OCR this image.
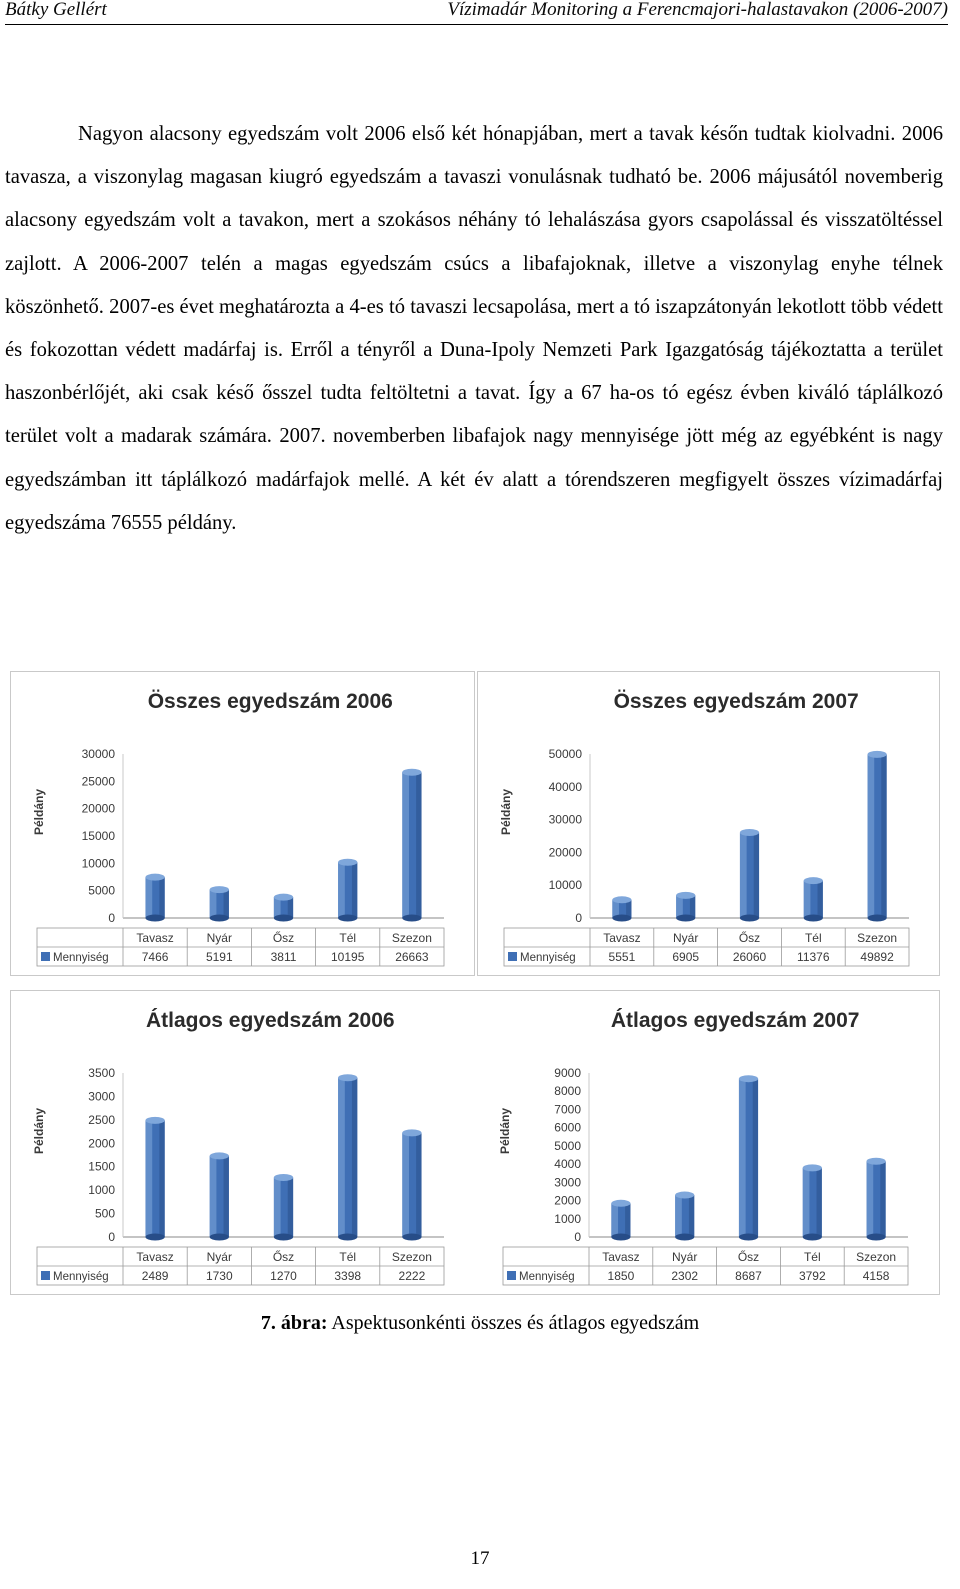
Bátky Gellért	Vízimadár Monitoring a Ferencmajori-halastavakon (2006-2007)
Nagyon alacsony egyedszám volt 2006 első két hónapjában, mert a tavak későn tudtak kiolvadni. 2006 tavasza, a viszonylag magasan kiugró egyedszám a tavaszi vonulásnak tudható be. 2006 májusától novemberig alacsony egyedszám volt a tavakon, mert a szokásos néhány tó lehalászása gyors csapolással és visszatöltéssel zajlott. A 2006-2007 telén a magas egyedszám csúcs a libafajoknak, illetve a viszonylag enyhe télnek köszönhető. 2007-es évet meghatározta a 4-es tó tavaszi lecsapolása, mert a tó iszapzátonyán lekotlott több védett és fokozottan védett madárfaj is. Erről a tényről a Duna-Ipoly Nemzeti Park Igazgatóság tájékoztatta a terület haszonbérlőjét, aki csak késő ősszel tudta feltöltetni a tavat. Így a 67 ha-os tó egész évben kiváló táplálkozó terület volt a madarak számára. 2007. novemberben libafajok nagy mennyisége jött még az egyébként is nagy egyedszámban itt táplálkozó madárfajok mellé. A két év alatt a tórendszeren megfigyelt összes vízimadárfaj egyedszáma 76555 példány.
Összes egyedszám 2006
Példány
0
5000
10000
15000
20000
25000
30000
Tavasz
7466
Nyár
5191
Ősz
3811
Tél
10195
Szezon
26663
Mennyiség
Összes egyedszám 2007
Példány
0
10000
20000
30000
40000
50000
Tavasz
5551
Nyár
6905
Ősz
26060
Tél
11376
Szezon
49892
Mennyiség
Átlagos egyedszám 2006
Példány
0
500
1000
1500
2000
2500
3000
3500
Tavasz
2489
Nyár
1730
Ősz
1270
Tél
3398
Szezon
2222
Mennyiség
Átlagos egyedszám 2007
Példány
0
1000
2000
3000
4000
5000
6000
7000
8000
9000
Tavasz
1850
Nyár
2302
Ősz
8687
Tél
3792
Szezon
4158
Mennyiség
7. ábra: Aspektusonkénti összes és átlagos egyedszám
17
